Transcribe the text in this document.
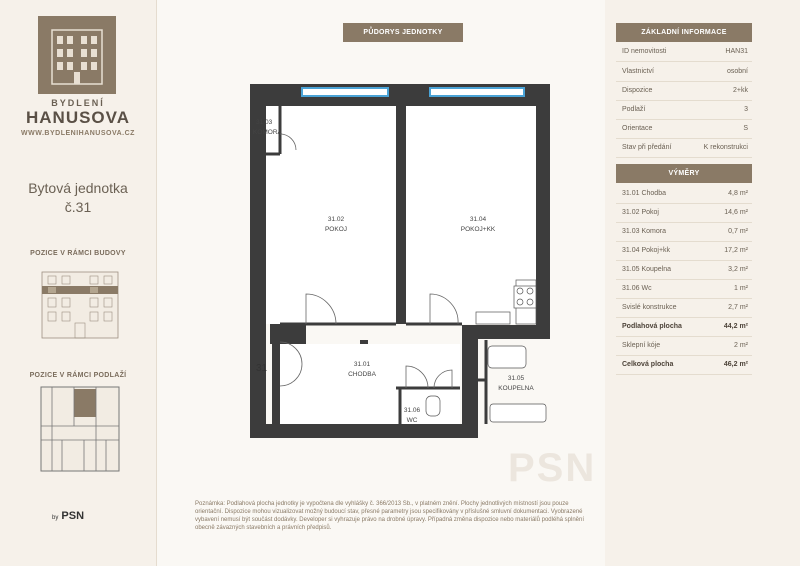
BYDLENÍ
HANUSOVA
WWW.BYDLENIHANUSOVA.CZ
Bytová jednotka
č.31
POZICE V RÁMCI BUDOVY
POZICE V RÁMCI PODLAŽÍ
by PSN
PŮDORYS JEDNOTKY
31.03
KOMORA
31.02
POKOJ
31.04
POKOJ+KK
31.01
CHODBA
31.05
KOUPELNA
31.06
WC
31
PSN
Poznámka: Podlahová plocha jednotky je vypočtena dle vyhlášky č. 366/2013 Sb., v platném znění. Plochy jednotlivých místností jsou pouze orientační. Dispozice mohou vizualizovat možný budoucí stav, přesné parametry jsou specifikovány v příslušné smluvní dokumentaci. Vyobrazené vybavení nemusí být součást dodávky. Developer si vyhrazuje právo na drobné úpravy. Případná změna dispozice nebo materiálů podléhá splnění obecně závazných stavebních a právních předpisů.
ZÁKLADNÍ INFORMACE
ID nemovitosti	HAN31
Vlastnictví	osobní
Dispozice	2+kk
Podlaží	3
Orientace	S
Stav při předání	K rekonstrukci
VÝMĚRY
31.01 Chodba	4,8 m²
31.02 Pokoj	14,6 m²
31.03 Komora	0,7 m²
31.04 Pokoj+kk	17,2 m²
31.05 Koupelna	3,2 m²
31.06 Wc	1 m²
Svislé konstrukce	2,7 m²
Podlahová plocha	44,2 m²
Sklepní kóje	2 m²
Celková plocha	46,2 m²
